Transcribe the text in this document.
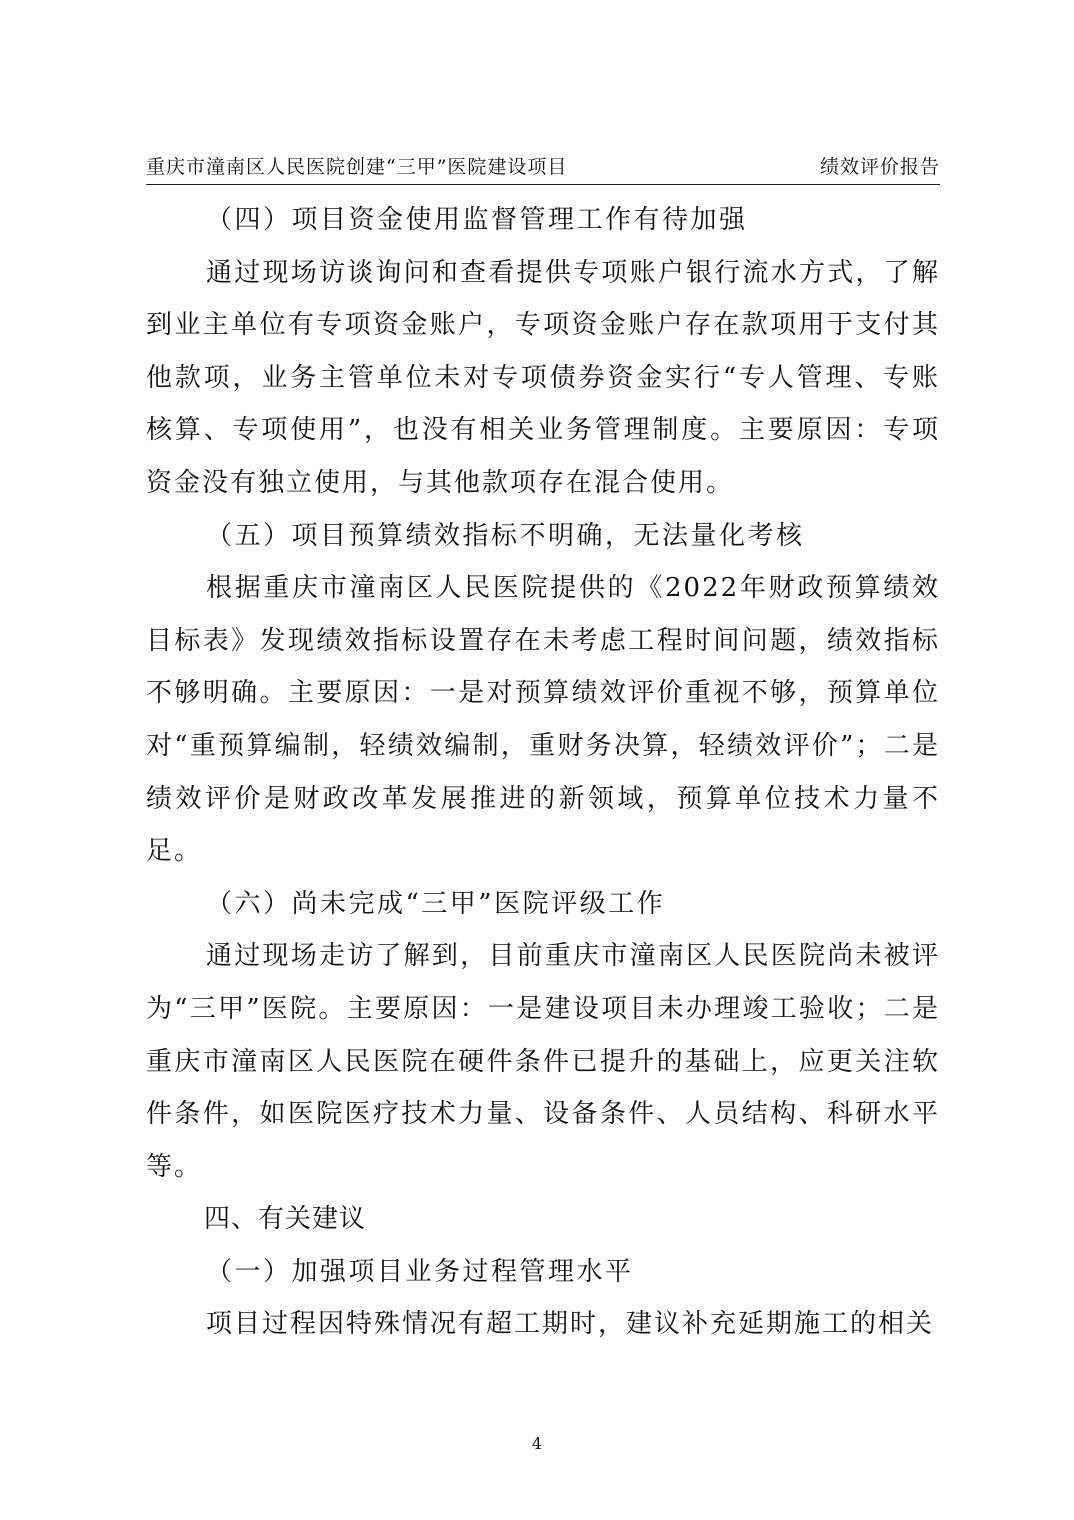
重庆市潼南区人民医院创建“三甲”医院建设项目	绩效评价报告

（四）项目资金使用监督管理工作有待加强

通过现场访谈询问和查看提供专项账户银行流水方式，了解到业主单位有专项资金账户，专项资金账户存在款项用于支付其他款项，业务主管单位未对专项债券资金实行“专人管理、专账核算、专项使用”，也没有相关业务管理制度。主要原因：专项资金没有独立使用，与其他款项存在混合使用。

（五）项目预算绩效指标不明确，无法量化考核

根据重庆市潼南区人民医院提供的《2022年财政预算绩效目标表》发现绩效指标设置存在未考虑工程时间问题，绩效指标不够明确。主要原因：一是对预算绩效评价重视不够，预算单位对“重预算编制，轻绩效编制，重财务决算，轻绩效评价”；二是绩效评价是财政改革发展推进的新领域，预算单位技术力量不足。

（六）尚未完成“三甲”医院评级工作

通过现场走访了解到，目前重庆市潼南区人民医院尚未被评为“三甲”医院。主要原因：一是建设项目未办理竣工验收；二是重庆市潼南区人民医院在硬件条件已提升的基础上，应更关注软件条件，如医院医疗技术力量、设备条件、人员结构、科研水平等。

四、有关建议

（一）加强项目业务过程管理水平

项目过程因特殊情况有超工期时，建议补充延期施工的相关

4
